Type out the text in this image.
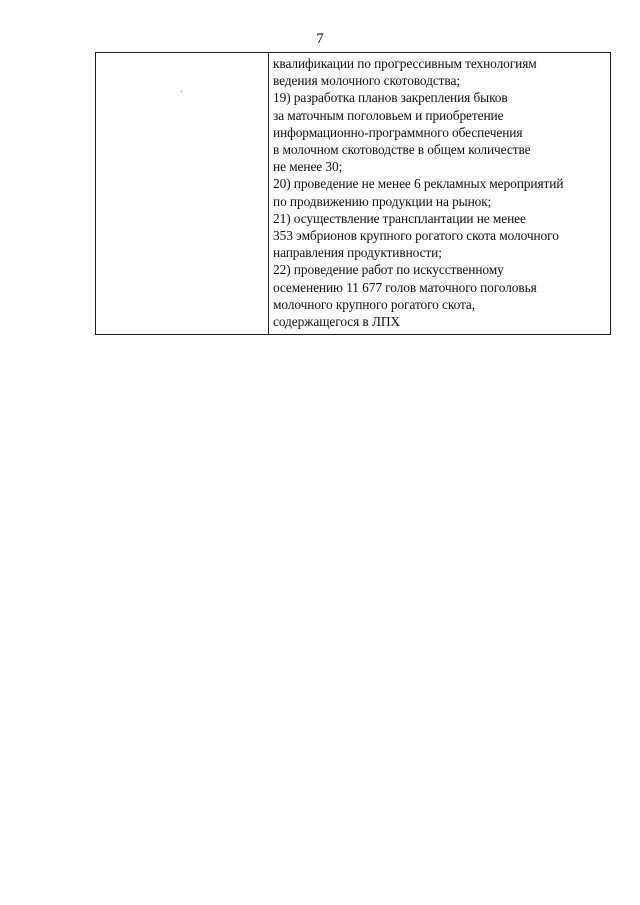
7
квалификации по прогрессивным технологиям
ведения молочного скотоводства;
19) разработка планов закрепления быков
за маточным поголовьем и приобретение
информационно-программного обеспечения
в молочном скотоводстве в общем количестве
не менее 30;
20) проведение не менее 6 рекламных мероприятий
по продвижению продукции на рынок;
21) осуществление трансплантации не менее
353 эмбрионов крупного рогатого скота молочного
направления продуктивности;
22) проведение работ по искусственному
осеменению 11 677 голов маточного поголовья
молочного крупного рогатого скота,
содержащегося в ЛПХ
